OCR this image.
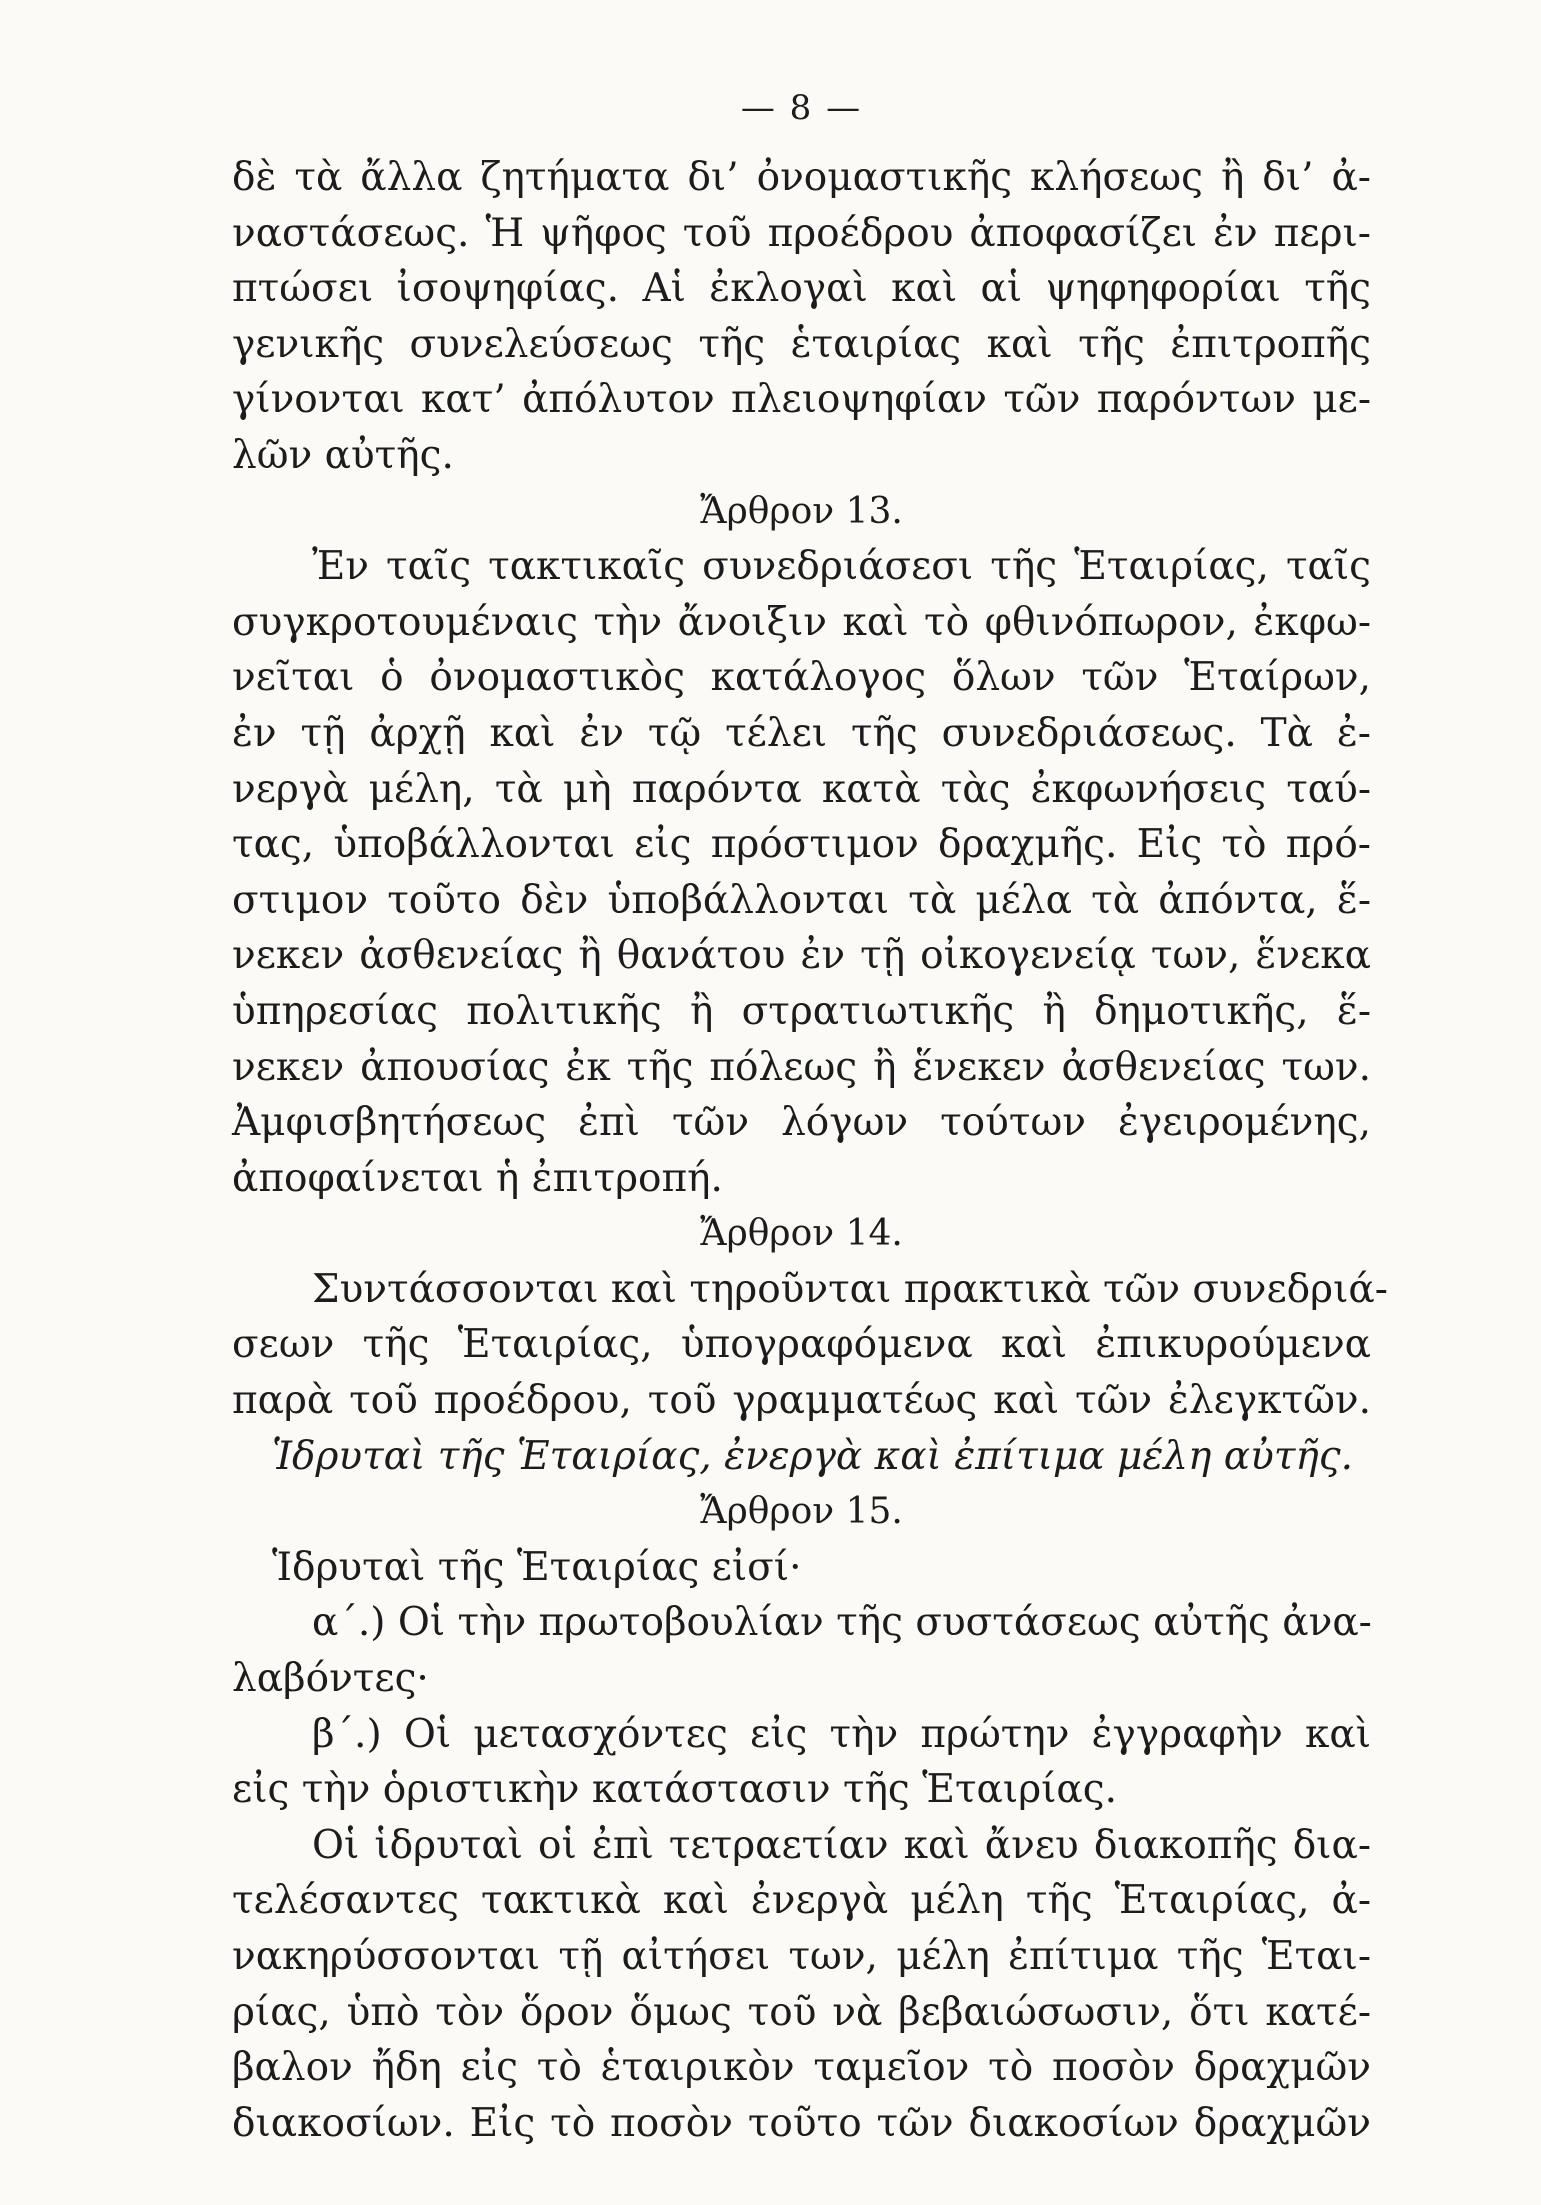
— 8 —
δὲ τὰ ἄλλα ζητήματα δι’ ὀνομαστικῆς κλήσεως ἢ δι’ ἀ-
ναστάσεως. Ἡ ψῆφος τοῦ προέδρου ἀποφασίζει ἐν περι-
πτώσει ἰσοψηφίας. Αἱ ἐκλογαὶ καὶ αἱ ψηφηφορίαι τῆς
γενικῆς συνελεύσεως τῆς ἑταιρίας καὶ τῆς ἐπιτροπῆς
γίνονται κατ’ ἀπόλυτον πλειοψηφίαν τῶν παρόντων με-
λῶν αὐτῆς.
Ἄρθρον 13.
Ἐν ταῖς τακτικαῖς συνεδριάσεσι τῆς Ἑταιρίας, ταῖς
συγκροτουμέναις τὴν ἄνοιξιν καὶ τὸ φθινόπωρον, ἐκφω-
νεῖται ὁ ὀνομαστικὸς κατάλογος ὅλων τῶν Ἑταίρων,
ἐν τῇ ἀρχῇ καὶ ἐν τῷ τέλει τῆς συνεδριάσεως. Τὰ ἐ-
νεργὰ μέλη, τὰ μὴ παρόντα κατὰ τὰς ἐκφωνήσεις ταύ-
τας, ὑποβάλλονται εἰς πρόστιμον δραχμῆς. Εἰς τὸ πρό-
στιμον τοῦτο δὲν ὑποβάλλονται τὰ μέλα τὰ ἀπόντα, ἕ-
νεκεν ἀσθενείας ἢ θανάτου ἐν τῇ οἰκογενείᾳ των, ἕνεκα
ὑπηρεσίας πολιτικῆς ἢ στρατιωτικῆς ἢ δημοτικῆς, ἕ-
νεκεν ἀπουσίας ἐκ τῆς πόλεως ἢ ἕνεκεν ἀσθενείας των.
Ἀμφισβητήσεως ἐπὶ τῶν λόγων τούτων ἐγειρομένης,
ἀποφαίνεται ἡ ἐπιτροπή.
Ἄρθρον 14.
Συντάσσονται καὶ τηροῦνται πρακτικὰ τῶν συνεδριά-
σεων τῆς Ἑταιρίας, ὑπογραφόμενα καὶ ἐπικυρούμενα
παρὰ τοῦ προέδρου, τοῦ γραμματέως καὶ τῶν ἐλεγκτῶν.
Ἱδρυταὶ τῆς Ἑταιρίας, ἐνεργὰ καὶ ἐπίτιμα μέλη αὐτῆς.
Ἄρθρον 15.
Ἱδρυταὶ τῆς Ἑταιρίας εἰσί·
α΄.) Οἱ τὴν πρωτοβουλίαν τῆς συστάσεως αὐτῆς ἀνα-
λαβόντες·
β΄.) Οἱ μετασχόντες εἰς τὴν πρώτην ἐγγραφὴν καὶ
εἰς τὴν ὁριστικὴν κατάστασιν τῆς Ἑταιρίας.
Οἱ ἱδρυταὶ οἱ ἐπὶ τετραετίαν καὶ ἄνευ διακοπῆς δια-
τελέσαντες τακτικὰ καὶ ἐνεργὰ μέλη τῆς Ἑταιρίας, ἀ-
νακηρύσσονται τῇ αἰτήσει των, μέλη ἐπίτιμα τῆς Ἑται-
ρίας, ὑπὸ τὸν ὅρον ὅμως τοῦ νὰ βεβαιώσωσιν, ὅτι κατέ-
βαλον ἤδη εἰς τὸ ἑταιρικὸν ταμεῖον τὸ ποσὸν δραχμῶν
διακοσίων. Εἰς τὸ ποσὸν τοῦτο τῶν διακοσίων δραχμῶν
